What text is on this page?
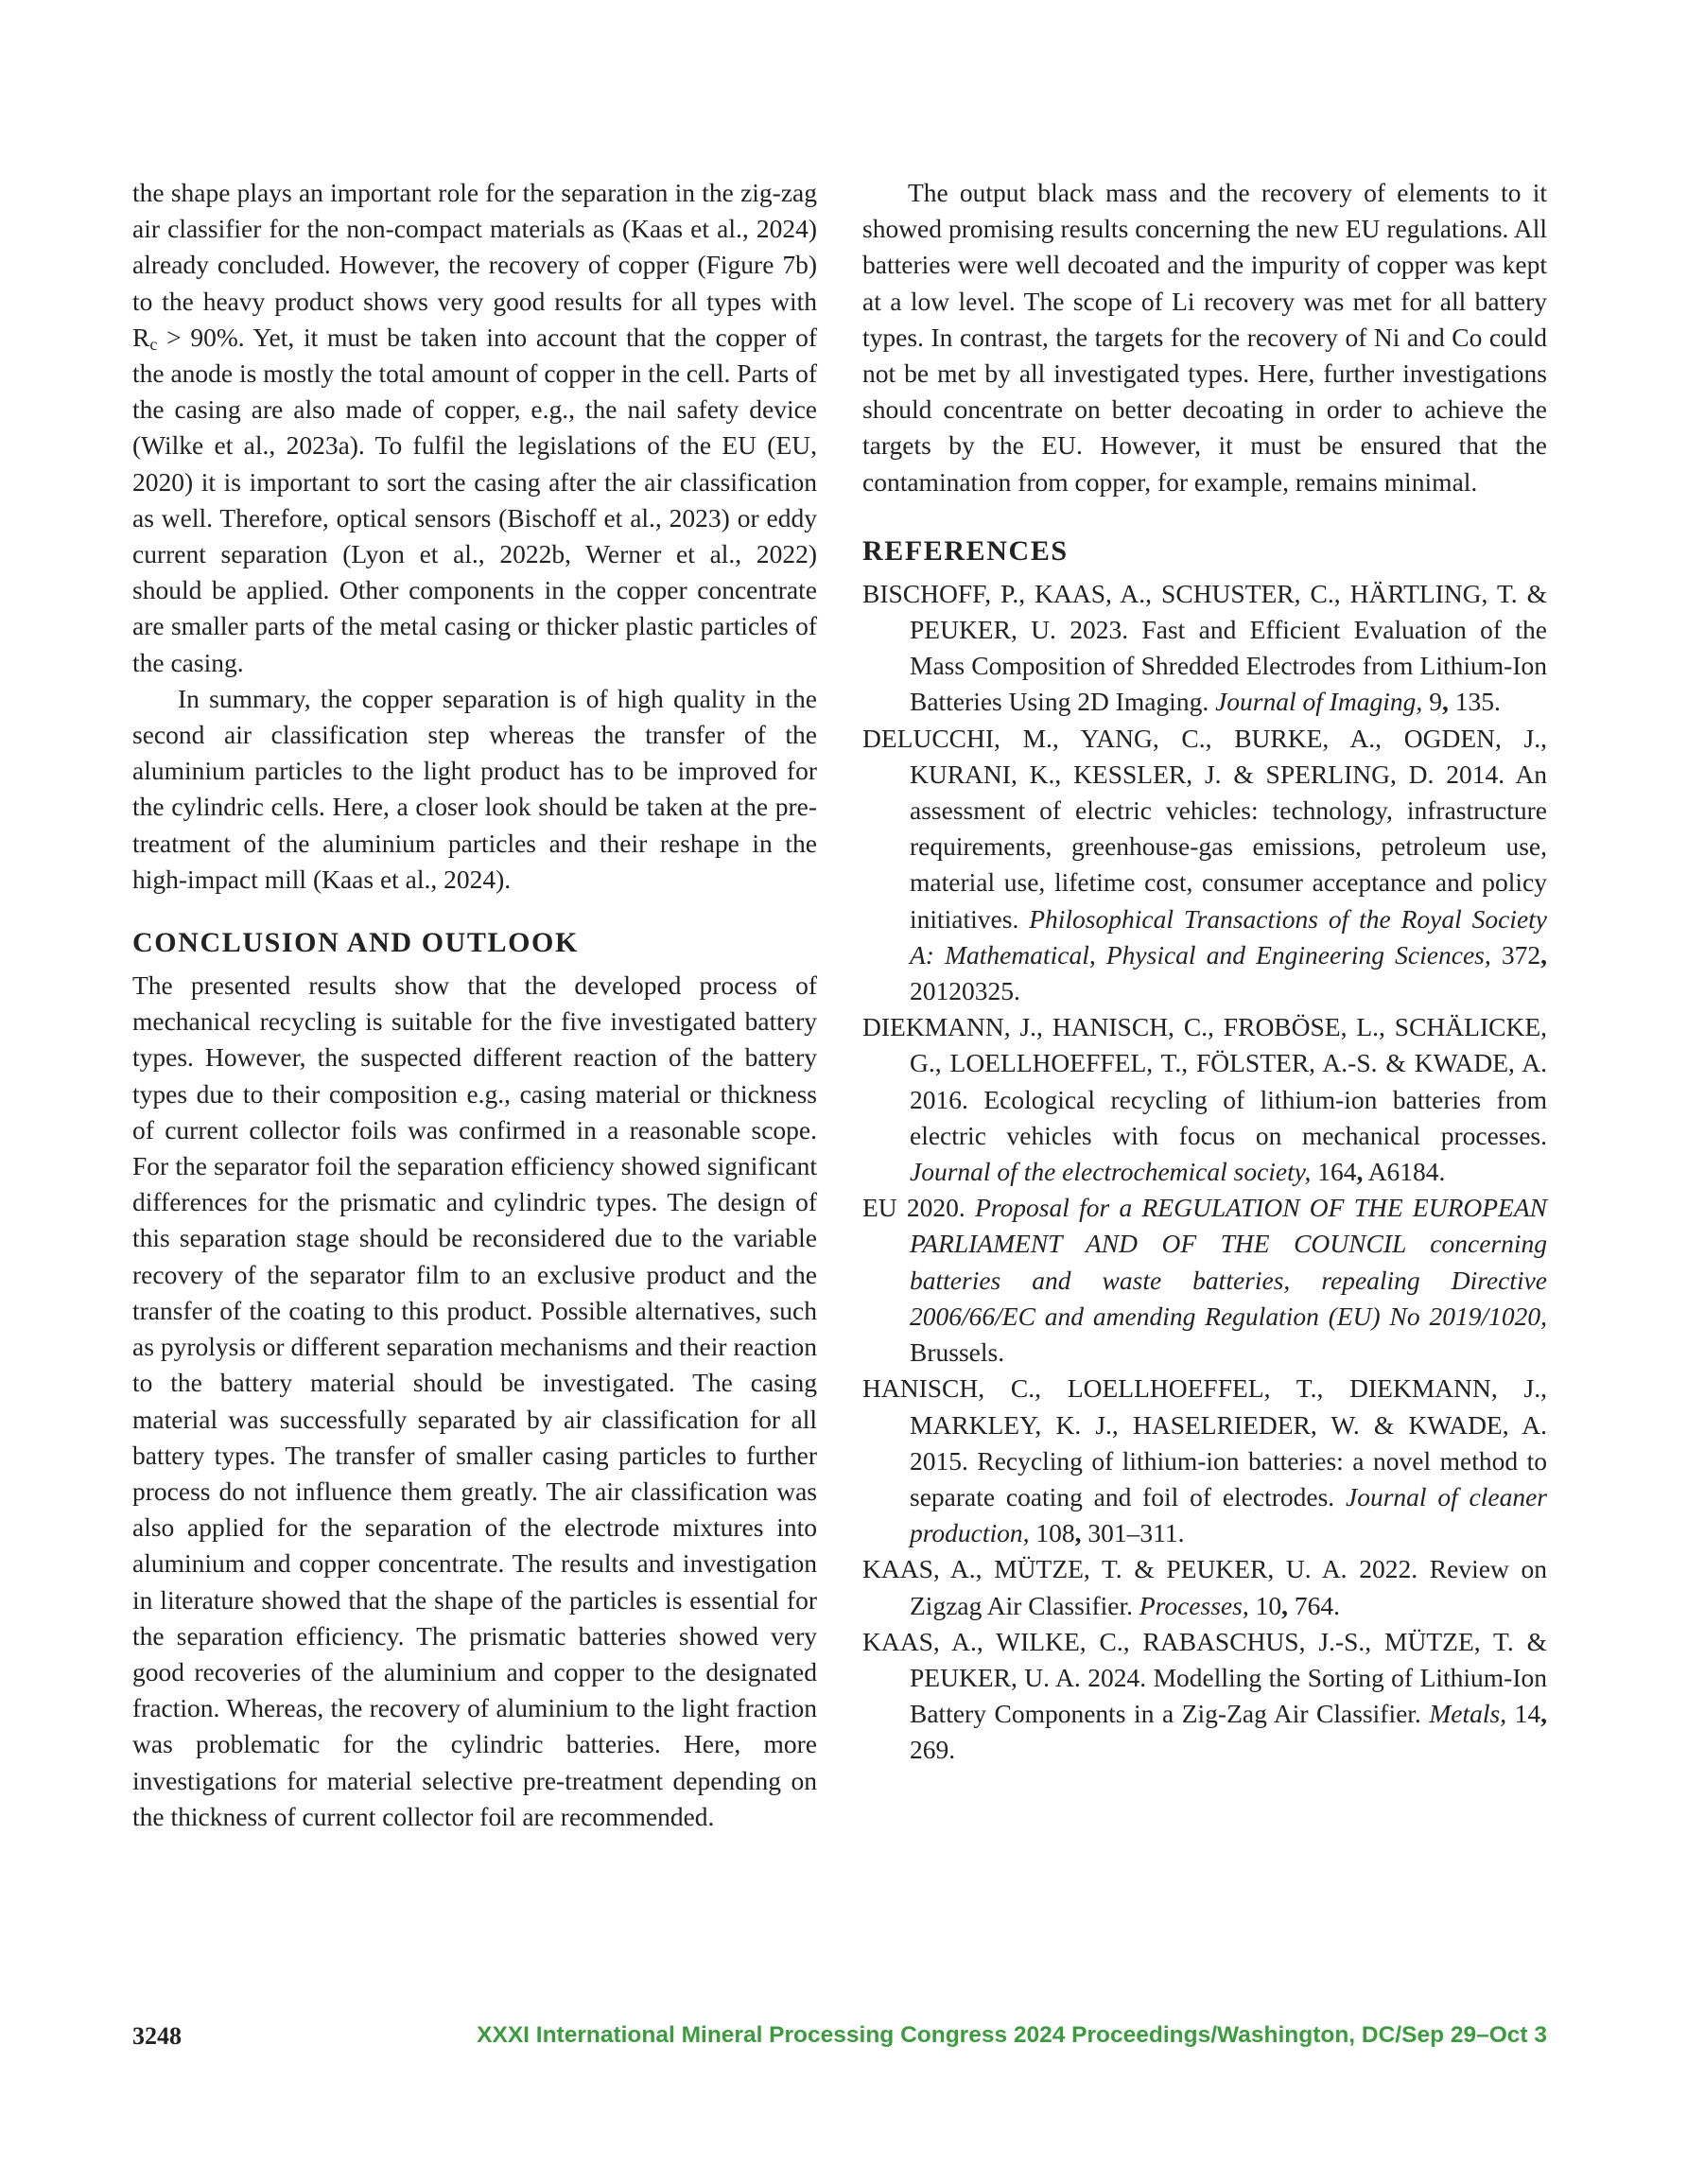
the shape plays an important role for the separation in the zig-zag air classifier for the non-compact materials as (Kaas et al., 2024) already concluded. However, the recovery of copper (Figure 7b) to the heavy product shows very good results for all types with $R_c > 90\%$. Yet, it must be taken into account that the copper of the anode is mostly the total amount of copper in the cell. Parts of the casing are also made of copper, e.g., the nail safety device (Wilke et al., 2023a). To fulfil the legislations of the EU (EU, 2020) it is important to sort the casing after the air classification as well. Therefore, optical sensors (Bischoff et al., 2023) or eddy current separation (Lyon et al., 2022b, Werner et al., 2022) should be applied. Other components in the copper concentrate are smaller parts of the metal casing or thicker plastic particles of the casing.

In summary, the copper separation is of high quality in the second air classification step whereas the transfer of the aluminium particles to the light product has to be improved for the cylindric cells. Here, a closer look should be taken at the pre-treatment of the aluminium particles and their reshape in the high-impact mill (Kaas et al., 2024).

CONCLUSION AND OUTLOOK

The presented results show that the developed process of mechanical recycling is suitable for the five investigated battery types. However, the suspected different reaction of the battery types due to their composition e.g., casing material or thickness of current collector foils was confirmed in a reasonable scope. For the separator foil the separation efficiency showed significant differences for the prismatic and cylindric types. The design of this separation stage should be reconsidered due to the variable recovery of the separator film to an exclusive product and the transfer of the coating to this product. Possible alternatives, such as pyrolysis or different separation mechanisms and their reaction to the battery material should be investigated. The casing material was successfully separated by air classification for all battery types. The transfer of smaller casing particles to further process do not influence them greatly. The air classification was also applied for the separation of the electrode mixtures into aluminium and copper concentrate. The results and investigation in literature showed that the shape of the particles is essential for the separation efficiency. The prismatic batteries showed very good recoveries of the aluminium and copper to the designated fraction. Whereas, the recovery of aluminium to the light fraction was problematic for the cylindric batteries. Here, more investigations for material selective pre-treatment depending on the thickness of current collector foil are recommended.

The output black mass and the recovery of elements to it showed promising results concerning the new EU regulations. All batteries were well decoated and the impurity of copper was kept at a low level. The scope of Li recovery was met for all battery types. In contrast, the targets for the recovery of Ni and Co could not be met by all investigated types. Here, further investigations should concentrate on better decoating in order to achieve the targets by the EU. However, it must be ensured that the contamination from copper, for example, remains minimal.

REFERENCES

BISCHOFF, P., KAAS, A., SCHUSTER, C., HÄRTLING, T. & PEUKER, U. 2023. Fast and Efficient Evaluation of the Mass Composition of Shredded Electrodes from Lithium-Ion Batteries Using 2D Imaging. Journal of Imaging, 9, 135.

DELUCCHI, M., YANG, C., BURKE, A., OGDEN, J., KURANI, K., KESSLER, J. & SPERLING, D. 2014. An assessment of electric vehicles: technology, infrastructure requirements, greenhouse-gas emissions, petroleum use, material use, lifetime cost, consumer acceptance and policy initiatives. Philosophical Transactions of the Royal Society A: Mathematical, Physical and Engineering Sciences, 372, 20120325.

DIEKMANN, J., HANISCH, C., FROBÖSE, L., SCHÄLICKE, G., LOELLHOEFFEL, T., FÖLSTER, A.-S. & KWADE, A. 2016. Ecological recycling of lithium-ion batteries from electric vehicles with focus on mechanical processes. Journal of the electrochemical society, 164, A6184.

EU 2020. Proposal for a REGULATION OF THE EUROPEAN PARLIAMENT AND OF THE COUNCIL concerning batteries and waste batteries, repealing Directive 2006/66/EC and amending Regulation (EU) No 2019/1020, Brussels.

HANISCH, C., LOELLHOEFFEL, T., DIEKMANN, J., MARKLEY, K. J., HASELRIEDER, W. & KWADE, A. 2015. Recycling of lithium-ion batteries: a novel method to separate coating and foil of electrodes. Journal of cleaner production, 108, 301–311.

KAAS, A., MÜTZE, T. & PEUKER, U. A. 2022. Review on Zigzag Air Classifier. Processes, 10, 764.

KAAS, A., WILKE, C., RABASCHUS, J.-S., MÜTZE, T. & PEUKER, U. A. 2024. Modelling the Sorting of Lithium-Ion Battery Components in a Zig-Zag Air Classifier. Metals, 14, 269.

3248	XXXI International Mineral Processing Congress 2024 Proceedings/Washington, DC/Sep 29–Oct 3
